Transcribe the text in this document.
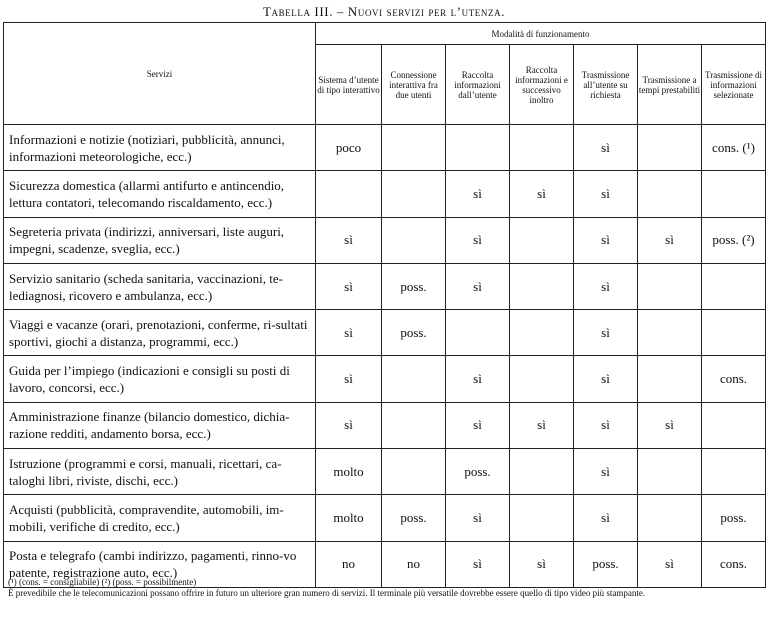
Tabella III. – Nuovi servizi per l’utenza.
Servizi	Modalità di funzionamento						
	Sistema d’utente di tipo interattivo	Connessione interattiva fra due utenti	Raccolta informazioni dall’utente	Raccolta informazioni e successivo inoltro	Trasmissione all’utente su richiesta	Trasmissione a tempi prestabiliti	Trasmissione di informazioni selezionate
Informazioni e notizie (notiziari, pubblicità, annunci, informazioni meteorologiche, ecc.)	poco				sì		cons. (¹)
Sicurezza domestica (allarmi antifurto e antincendio, lettura contatori, telecomando riscaldamento, ecc.)			sì	sì	sì		
Segreteria privata (indirizzi, anniversari, liste auguri, impegni, scadenze, sveglia, ecc.)	sì		sì		sì	sì	poss. (²)
Servizio sanitario (scheda sanitaria, vaccinazioni, te-lediagnosi, ricovero e ambulanza, ecc.)	sì	poss.	sì		sì		
Viaggi e vacanze (orari, prenotazioni, conferme, ri-sultati sportivi, giochi a distanza, programmi, ecc.)	sì	poss.			sì		
Guida per l’impiego (indicazioni e consigli su posti di lavoro, concorsi, ecc.)	sì		sì		sì		cons.
Amministrazione finanze (bilancio domestico, dichia-razione redditi, andamento borsa, ecc.)	sì		sì	sì	sì	sì	
Istruzione (programmi e corsi, manuali, ricettari, ca-taloghi libri, riviste, dischi, ecc.)	molto		poss.		sì		
Acquisti (pubblicità, compravendite, automobili, im-mobili, verifiche di credito, ecc.)	molto	poss.	sì		sì		poss.
Posta e telegrafo (cambi indirizzo, pagamenti, rinno-vo patente, registrazione auto, ecc.)	no	no	sì	sì	poss.	sì	cons.
(¹) (cons. = consigliabile) (²) (poss. = possibilmente)
È prevedibile che le telecomunicazioni possano offrire in futuro un ulteriore gran numero di servizi. Il terminale più versatile dovrebbe essere quello di tipo video più stampante.
